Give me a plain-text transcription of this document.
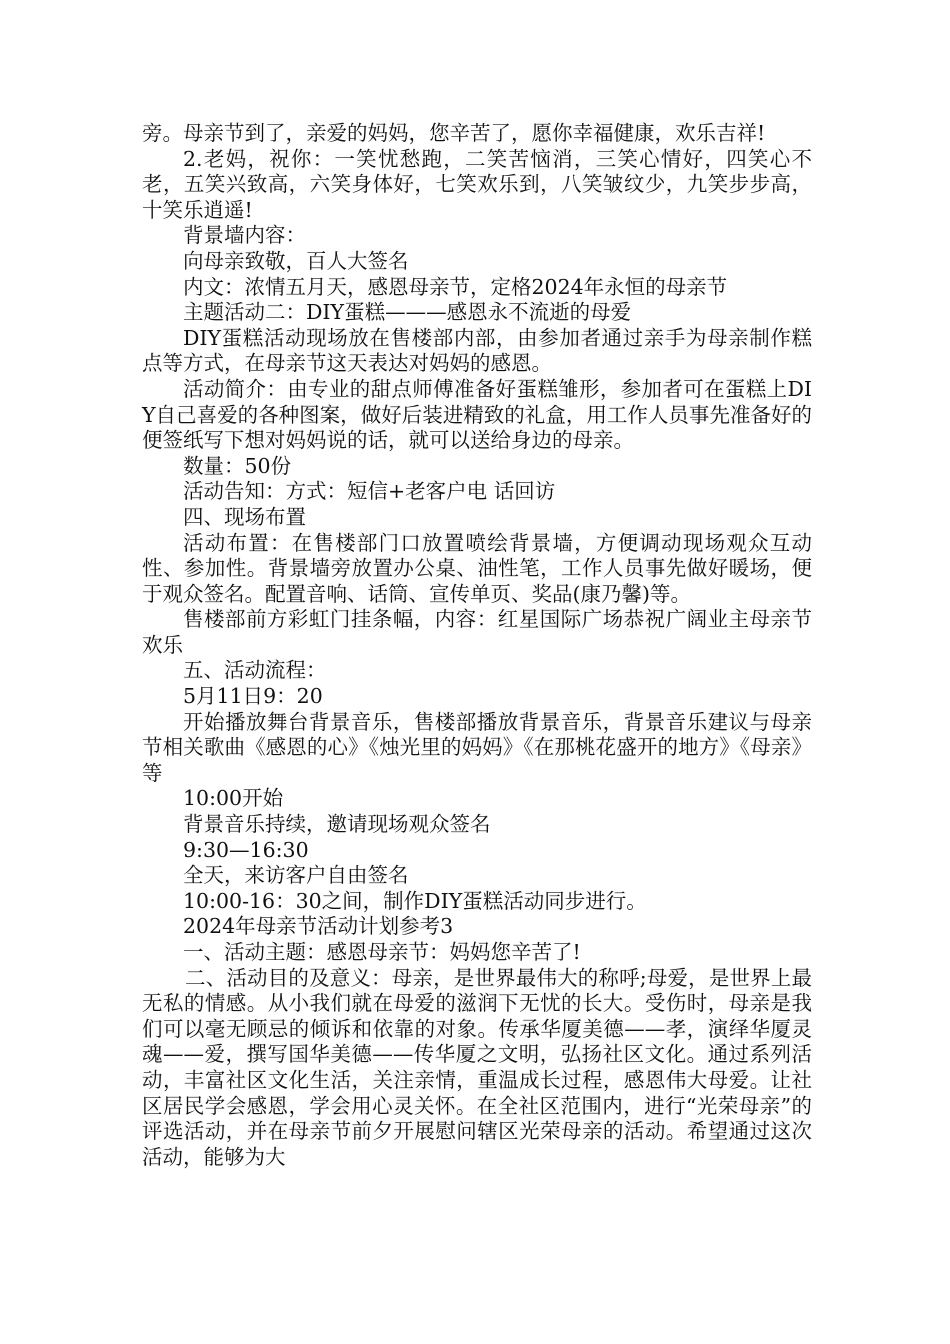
旁。母亲节到了，亲爱的妈妈，您辛苦了，愿你幸福健康，欢乐吉祥!

2.老妈，祝你：一笑忧愁跑，二笑苦恼消，三笑心情好，四笑心不老，五笑兴致高，六笑身体好，七笑欢乐到，八笑皱纹少，九笑步步高，十笑乐逍遥!

背景墙内容：

向母亲致敬，百人大签名

内文：浓情五月天，感恩母亲节，定格2024年永恒的母亲节

主题活动二：DIY蛋糕———感恩永不流逝的母爱

DIY蛋糕活动现场放在售楼部内部，由参加者通过亲手为母亲制作糕点等方式，在母亲节这天表达对妈妈的感恩。

活动简介：由专业的甜点师傅准备好蛋糕雏形，参加者可在蛋糕上DIY自己喜爱的各种图案，做好后装进精致的礼盒，用工作人员事先准备好的便签纸写下想对妈妈说的话，就可以送给身边的母亲。

数量：50份

活动告知：方式：短信+老客户电 话回访

四、现场布置

活动布置：在售楼部门口放置喷绘背景墙，方便调动现场观众互动性、参加性。背景墙旁放置办公桌、油性笔，工作人员事先做好暖场，便于观众签名。配置音响、话筒、宣传单页、奖品(康乃馨)等。

售楼部前方彩虹门挂条幅，内容：红星国际广场恭祝广阔业主母亲节欢乐

五、活动流程：

5月11日9：20

开始播放舞台背景音乐，售楼部播放背景音乐，背景音乐建议与母亲节相关歌曲《感恩的心》《烛光里的妈妈》《在那桃花盛开的地方》《母亲》等

10:00开始

背景音乐持续，邀请现场观众签名

9:30—16:30

全天，来访客户自由签名

10:00-16：30之间，制作DIY蛋糕活动同步进行。

2024年母亲节活动计划参考3

一、活动主题：感恩母亲节：妈妈您辛苦了!

二、活动目的及意义：母亲，是世界最伟大的称呼;母爱，是世界上最无私的情感。从小我们就在母爱的滋润下无忧的长大。受伤时，母亲是我们可以毫无顾忌的倾诉和依靠的对象。传承华厦美德——孝，演绎华厦灵魂——爱，撰写国华美德——传华厦之文明，弘扬社区文化。通过系列活动，丰富社区文化生活，关注亲情，重温成长过程，感恩伟大母爱。让社区居民学会感恩，学会用心灵关怀。在全社区范围内，进行“光荣母亲”的评选活动，并在母亲节前夕开展慰问辖区光荣母亲的活动。希望通过这次活动，能够为大
